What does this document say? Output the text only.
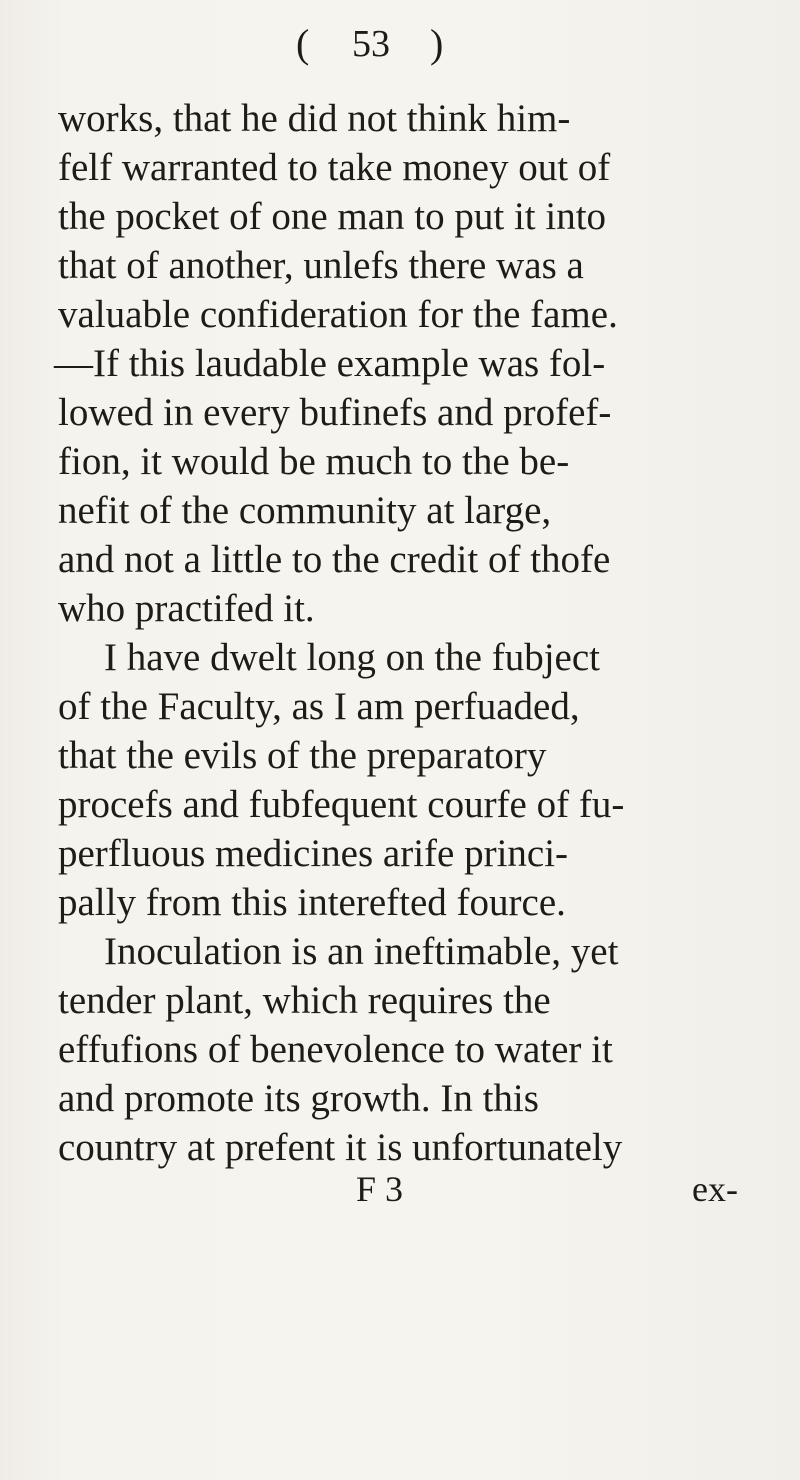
( 53 )
works, that he did not think him-
felf warranted to take money out of
the pocket of one man to put it into
that of another, unlefs there was a
valuable confideration for the fame.
—If this laudable example was fol-
lowed in every bufinefs and profef-
fion, it would be much to the be-
nefit of the community at large,
and not a little to the credit of thofe
who practifed it.
I have dwelt long on the fubject
of the Faculty, as I am perfuaded,
that the evils of the preparatory
procefs and fubfequent courfe of fu-
perfluous medicines arife princi-
pally from this interefted fource.
Inoculation is an ineftimable, yet
tender plant, which requires the
effufions of benevolence to water it
and promote its growth. In this
country at prefent it is unfortunately
F 3	ex-
